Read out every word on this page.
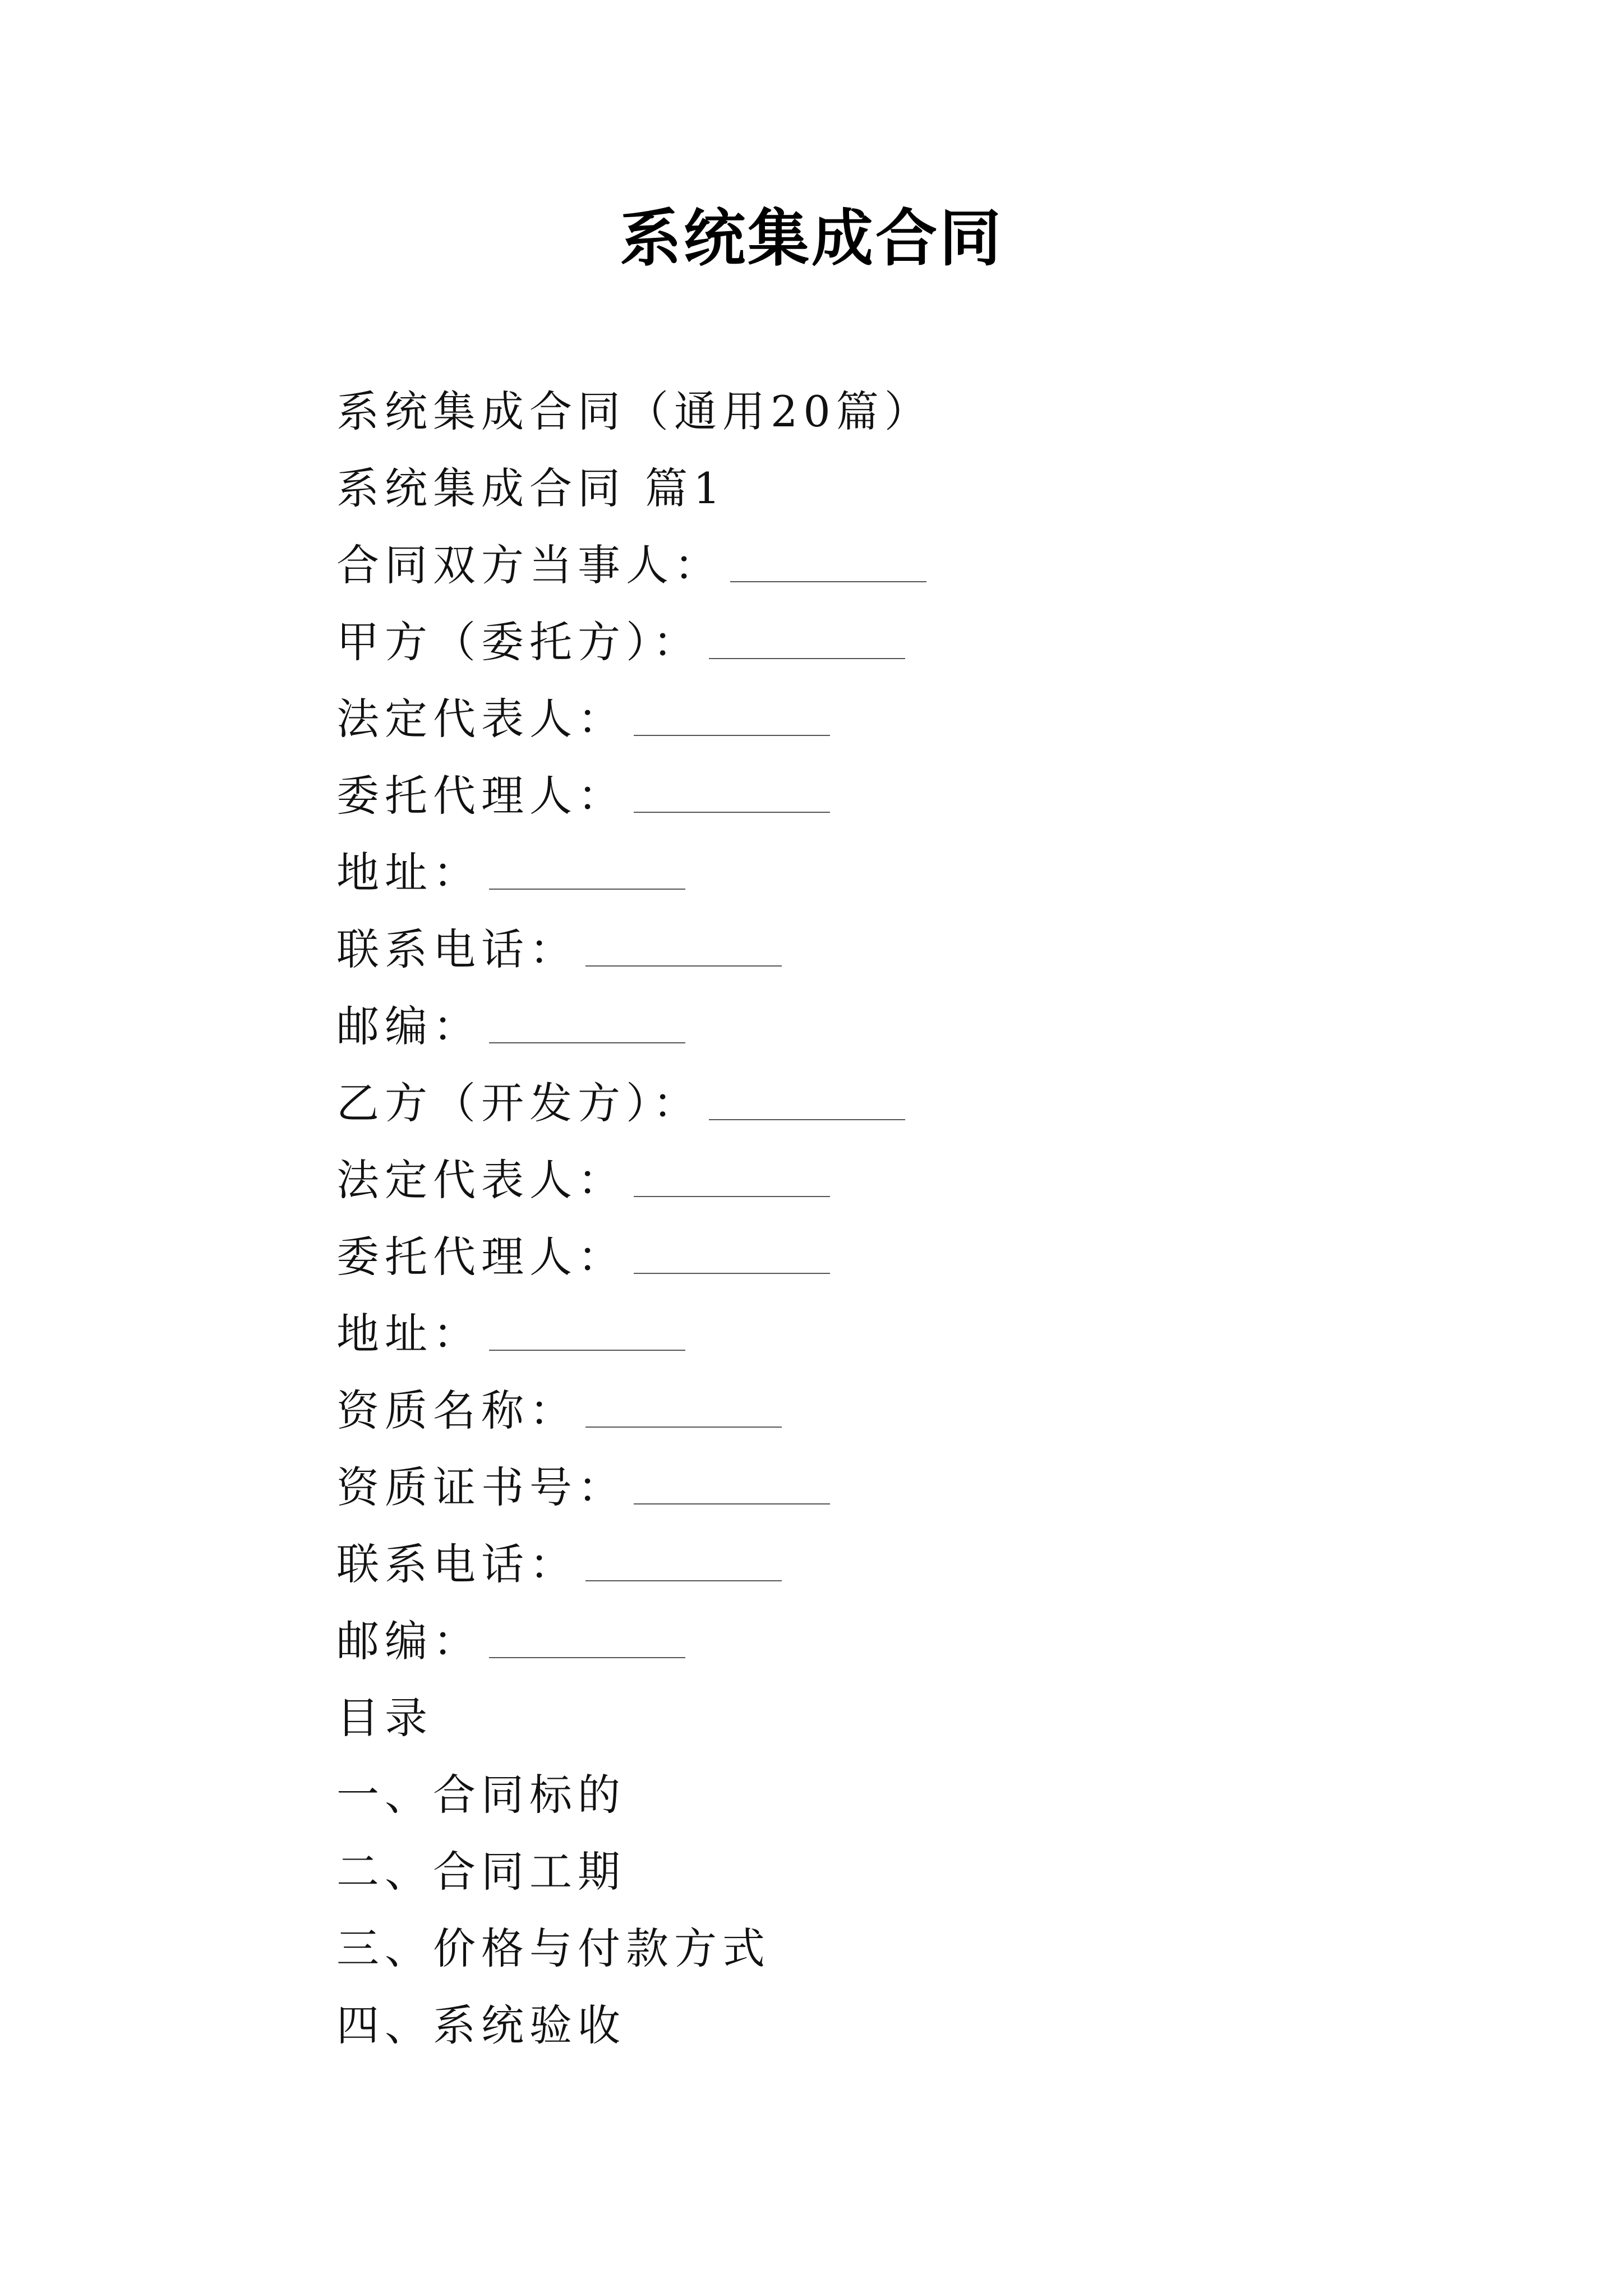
系统集成合同
系统集成合同（通用20篇）
系统集成合同 篇1
合同双方当事人：
甲方（委托方）：
法定代表人：
委托代理人：
地址：
联系电话：
邮编：
乙方（开发方）：
法定代表人：
委托代理人：
地址：
资质名称：
资质证书号：
联系电话：
邮编：
目录
一、合同标的
二、合同工期
三、价格与付款方式
四、系统验收
